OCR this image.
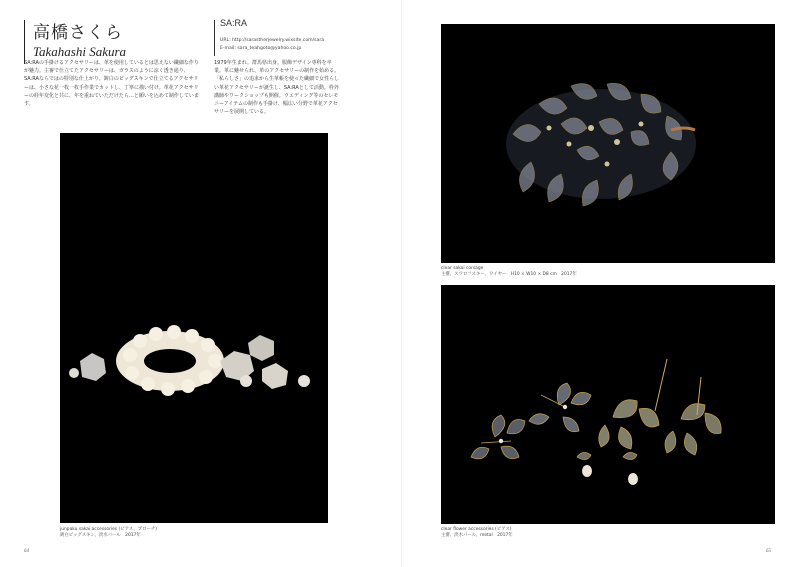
高橋さくら
Takahashi Sakura
SA:RA
URL: http://sarastherjewelry.wixsite.com/sara
E-mail: sara_teahgoto@yahoo.co.jp
SA:RAの手掛けるアクセサリーは、革を使用しているとは思えない繊細な作りが魅力。主審で仕立てたアクセサリーは、ガラスのように涼く透き通り、SA:RAならではの特別な仕上がり。鋳白のピッグスキンで仕立てるアクセサリーは、小さな花一枚一枚手作業でカットし、丁寧に描い付け。革花アクセサリーの経年変化と共に、年を重ねていただけたら…と願いを込めて制作しています。
1979年生まれ。群馬県出身。服飾デザイン専科を卒業。革に魅せられ、革のアクセサリーの制作を始める。「私らしさ」の追求から生革帳を使った繊細で女性らしい革花アクセサリーが誕生し、SA:RAとして活動。枠外講師やワークショップも開催。ウエディング等のセレモニーアイテムの制作も手掛け、幅広い分野で革花アクセサリーを展開している。
junpaku sakai accessories (ピアス、ブローチ)
鋳白ピッグスキン、淡水パール　2017年
64
clear sakai corsage
主審、スワロフスキー、ワイヤー　H10 × W10 × D8 cm　2017年
clear flower accessories (ピアス)
主審、淡水パール、metal　2017年
65
